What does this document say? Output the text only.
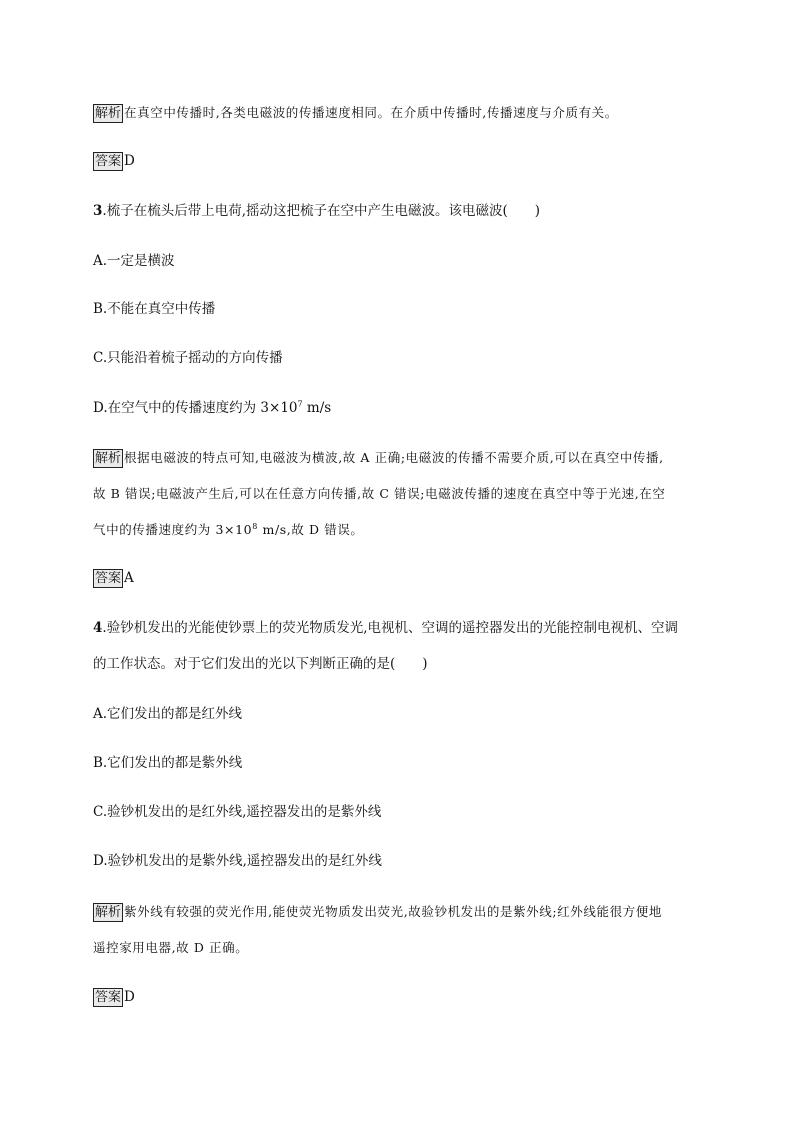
解析 在真空中传播时,各类电磁波的传播速度相同。在介质中传播时,传播速度与介质有关。
答案 D
3.梳子在梳头后带上电荷,摇动这把梳子在空中产生电磁波。该电磁波(　　)
A.一定是横波
B.不能在真空中传播
C.只能沿着梳子摇动的方向传播
D.在空气中的传播速度约为 $3\times 10^7$ m/s
解析 根据电磁波的特点可知,电磁波为横波,故 A 正确;电磁波的传播不需要介质,可以在真空中传播,
故 B 错误;电磁波产生后,可以在任意方向传播,故 C 错误;电磁波传播的速度在真空中等于光速,在空
气中的传播速度约为 $3\times 10^8$ m/s,故 D 错误。
答案 A
4.验钞机发出的光能使钞票上的荧光物质发光,电视机、空调的遥控器发出的光能控制电视机、空调
的工作状态。对于它们发出的光以下判断正确的是(　　)
A.它们发出的都是红外线
B.它们发出的都是紫外线
C.验钞机发出的是红外线,遥控器发出的是紫外线
D.验钞机发出的是紫外线,遥控器发出的是红外线
解析 紫外线有较强的荧光作用,能使荧光物质发出荧光,故验钞机发出的是紫外线;红外线能很方便地
遥控家用电器,故 D 正确。
答案 D
